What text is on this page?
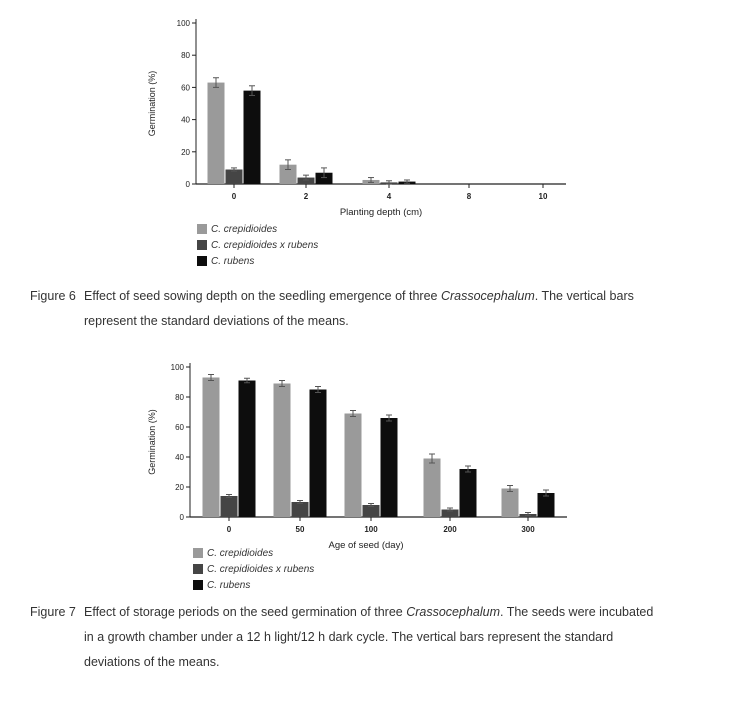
0
20
40
60
80
100
Germination (%)
0	2	4	8	10
Planting depth (cm)
C. crepidioides
C. crepidioides x rubens
C. rubens
Figure 6 Effect of seed sowing depth on the seedling emergence of three Crassocephalum. The vertical bars
represent the standard deviations of the means.
0
20
40
60
80
100
Germination (%)
0	50	100	200	300
Age of seed (day)
C. crepidioides
C. crepidioides x rubens
C. rubens
Figure 7 Effect of storage periods on the seed germination of three Crassocephalum. The seeds were incubated
in a growth chamber under a 12 h light/12 h dark cycle. The vertical bars represent the standard
deviations of the means.
